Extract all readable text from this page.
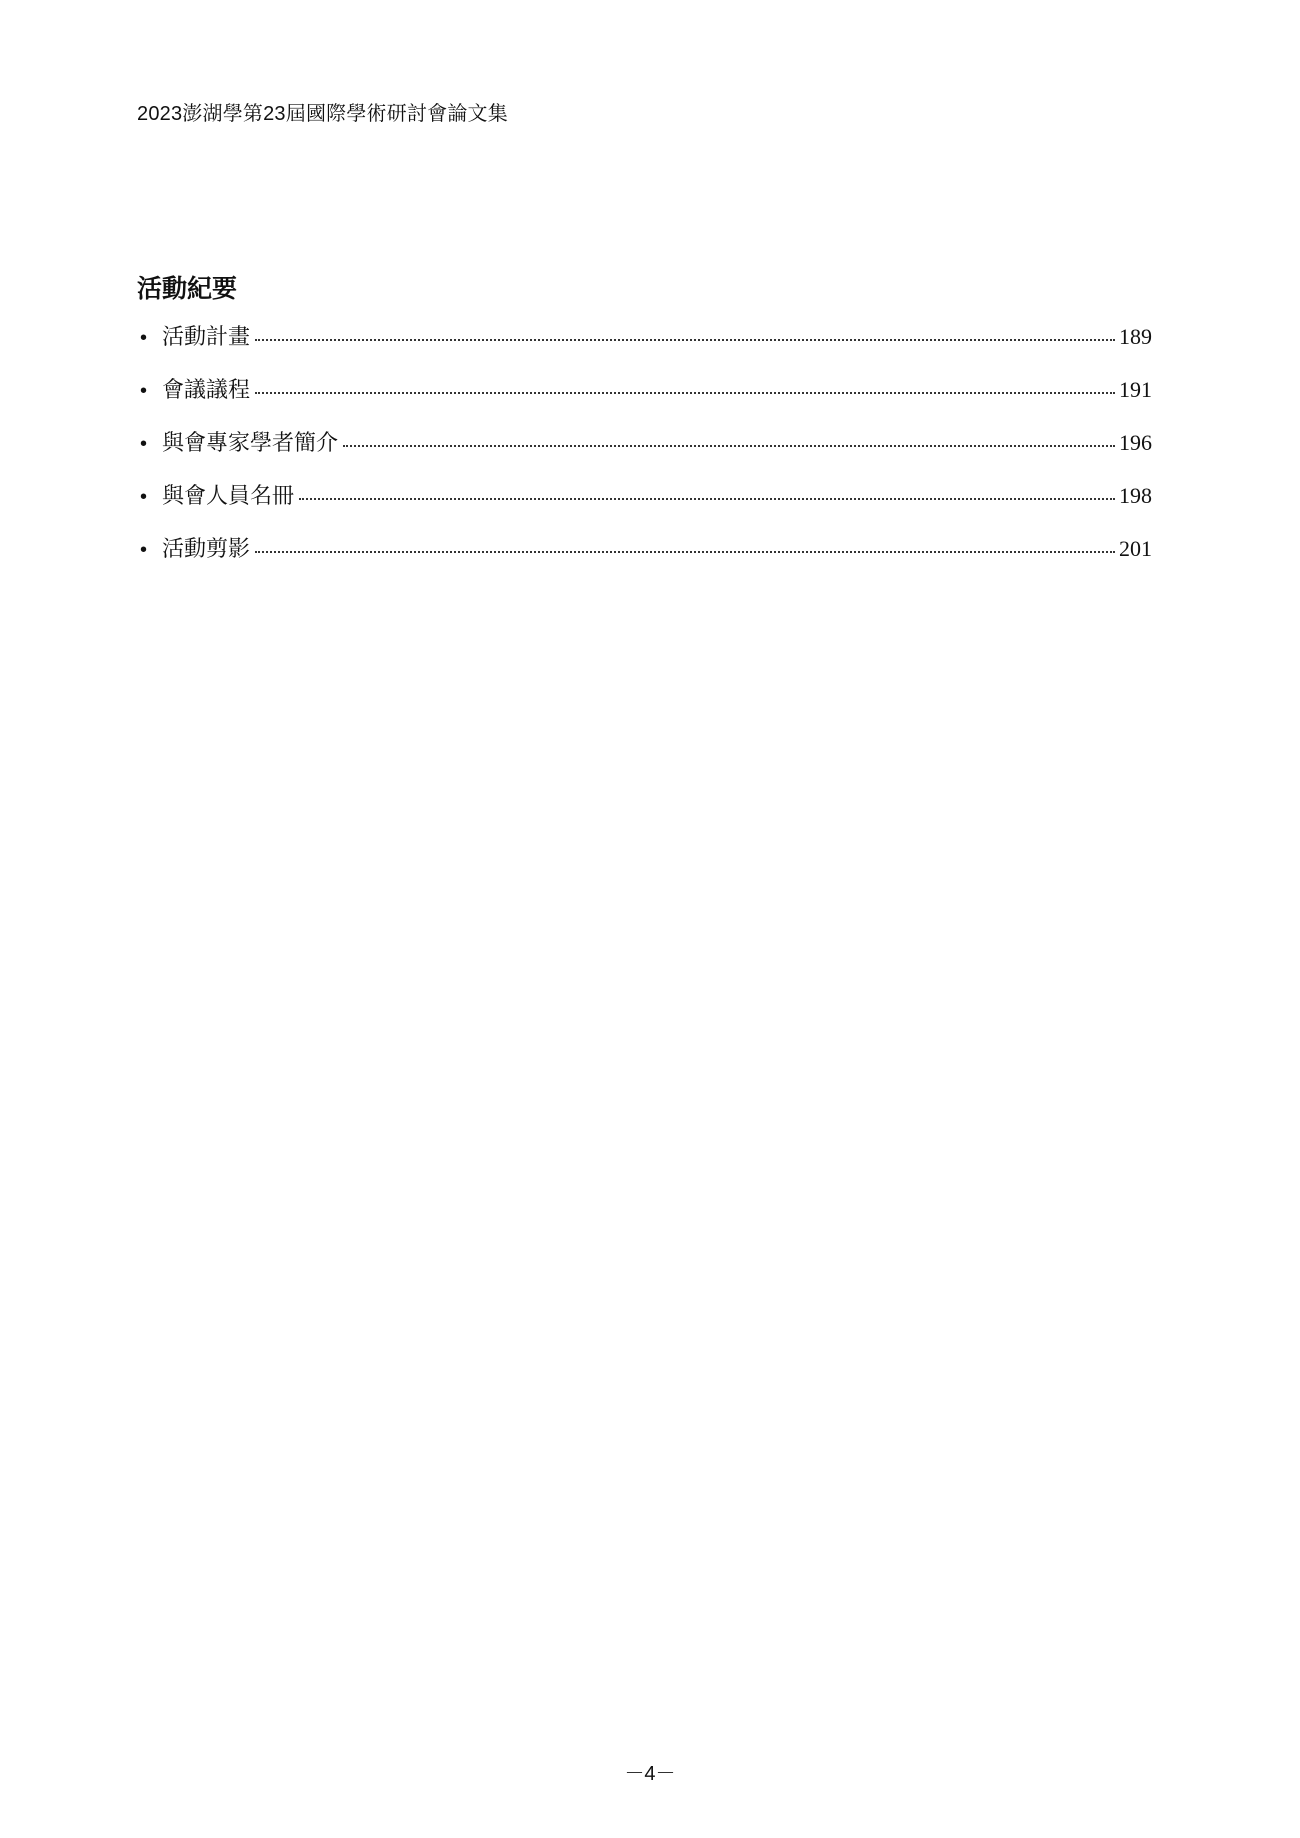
2023澎湖學第23屆國際學術研討會論文集
活動紀要
• 活動計畫	189
• 會議議程	191
• 與會專家學者簡介	196
• 與會人員名冊	198
• 活動剪影	201
－4－
